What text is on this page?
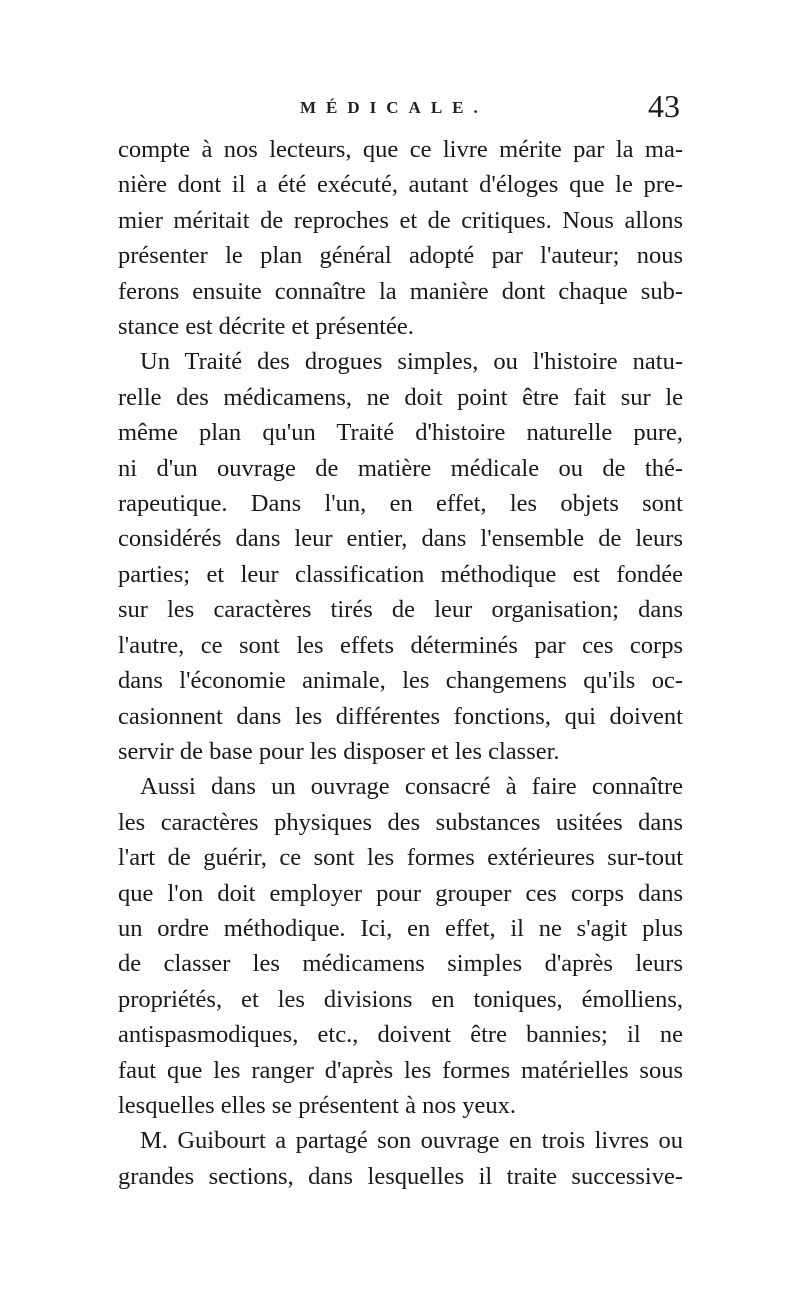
MÉDICALE.	43
compte à nos lecteurs, que ce livre mérite par la ma-
nière dont il a été exécuté, autant d'éloges que le pre-
mier méritait de reproches et de critiques. Nous allons
présenter le plan général adopté par l'auteur; nous
ferons ensuite connaître la manière dont chaque sub-
stance est décrite et présentée.
Un Traité des drogues simples, ou l'histoire natu-
relle des médicamens, ne doit point être fait sur le
même plan qu'un Traité d'histoire naturelle pure,
ni d'un ouvrage de matière médicale ou de thé-
rapeutique. Dans l'un, en effet, les objets sont
considérés dans leur entier, dans l'ensemble de leurs
parties; et leur classification méthodique est fondée
sur les caractères tirés de leur organisation; dans
l'autre, ce sont les effets déterminés par ces corps
dans l'économie animale, les changemens qu'ils oc-
casionnent dans les différentes fonctions, qui doivent
servir de base pour les disposer et les classer.
Aussi dans un ouvrage consacré à faire connaître
les caractères physiques des substances usitées dans
l'art de guérir, ce sont les formes extérieures sur-tout
que l'on doit employer pour grouper ces corps dans
un ordre méthodique. Ici, en effet, il ne s'agit plus
de classer les médicamens simples d'après leurs
propriétés, et les divisions en toniques, émolliens,
antispasmodiques, etc., doivent être bannies; il ne
faut que les ranger d'après les formes matérielles sous
lesquelles elles se présentent à nos yeux.
M. Guibourt a partagé son ouvrage en trois livres ou
grandes sections, dans lesquelles il traite successive-
